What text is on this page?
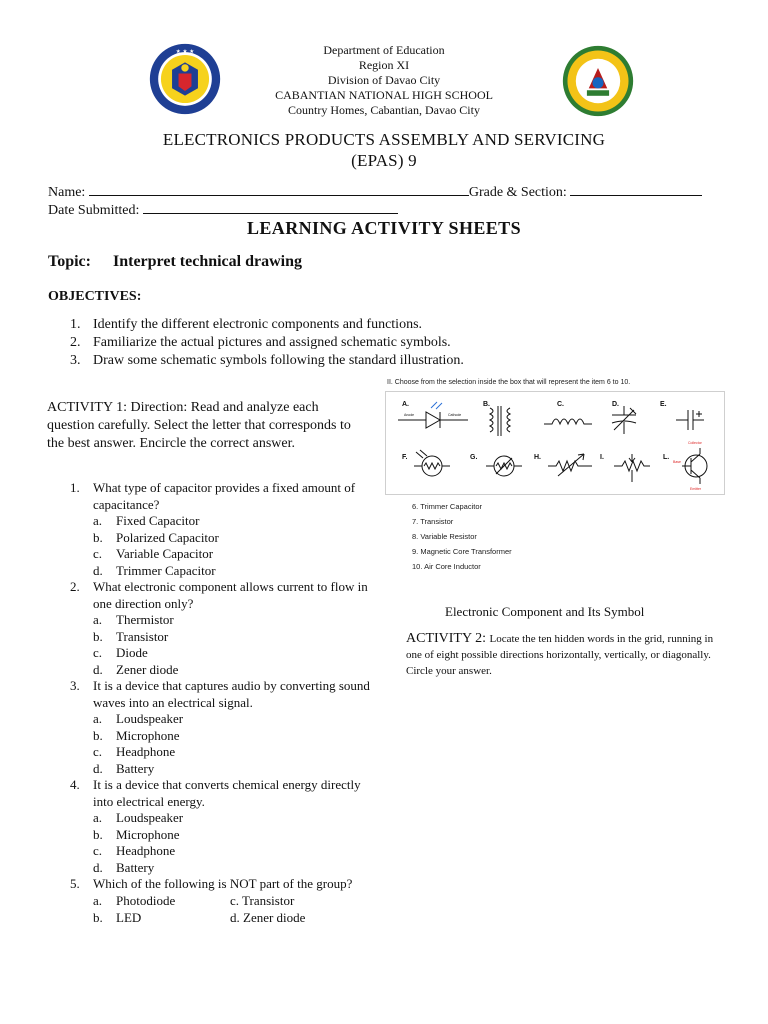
★ ★ ★	Department of Education
Region XI
Division of Davao City
CABANTIAN NATIONAL HIGH SCHOOL
Country Homes, Cabantian, Davao City
ELECTRONICS PRODUCTS ASSEMBLY AND SERVICING
(EPAS) 9
Name:	Grade & Section:
Date Submitted:
LEARNING ACTIVITY SHEETS
Topic: Interpret technical drawing
OBJECTIVES:
1. Identify the different electronic components and functions.
2. Familiarize the actual pictures and assigned schematic symbols.
3. Draw some schematic symbols following the standard illustration.
ACTIVITY 1: Direction: Read and analyze each question carefully. Select the letter that corresponds to the best answer. Encircle the correct answer.
1. What type of capacitor provides a fixed amount of capacitance?
a. Fixed Capacitor
b. Polarized Capacitor
c. Variable Capacitor
d. Trimmer Capacitor
2. What electronic component allows current to flow in one direction only?
a. Thermistor
b. Transistor
c. Diode
d. Zener diode
3. It is a device that captures audio by converting sound waves into an electrical signal.
a. Loudspeaker
b. Microphone
c. Headphone
d. Battery
4. It is a device that converts chemical energy directly into electrical energy.
a. Loudspeaker
b. Microphone
c. Headphone
d. Battery
5. Which of the following is NOT part of the group?
a. Photodiode	c. Transistor
b. LED	d. Zener diode
II. Choose from the selection inside the box that will represent the item 6 to 10.
A.	B.	C.	D.	E.
F.	G.	H.	I.	L.
Anode	Cathode
Collector
Base
Emitter
6. Trimmer Capacitor
7. Transistor
8. Variable Resistor
9. Magnetic Core Transformer
10. Air Core Inductor
Electronic Component and Its Symbol
ACTIVITY 2: Locate the ten hidden words in the grid, running in one of eight possible directions horizontally, vertically, or diagonally. Circle your answer.
